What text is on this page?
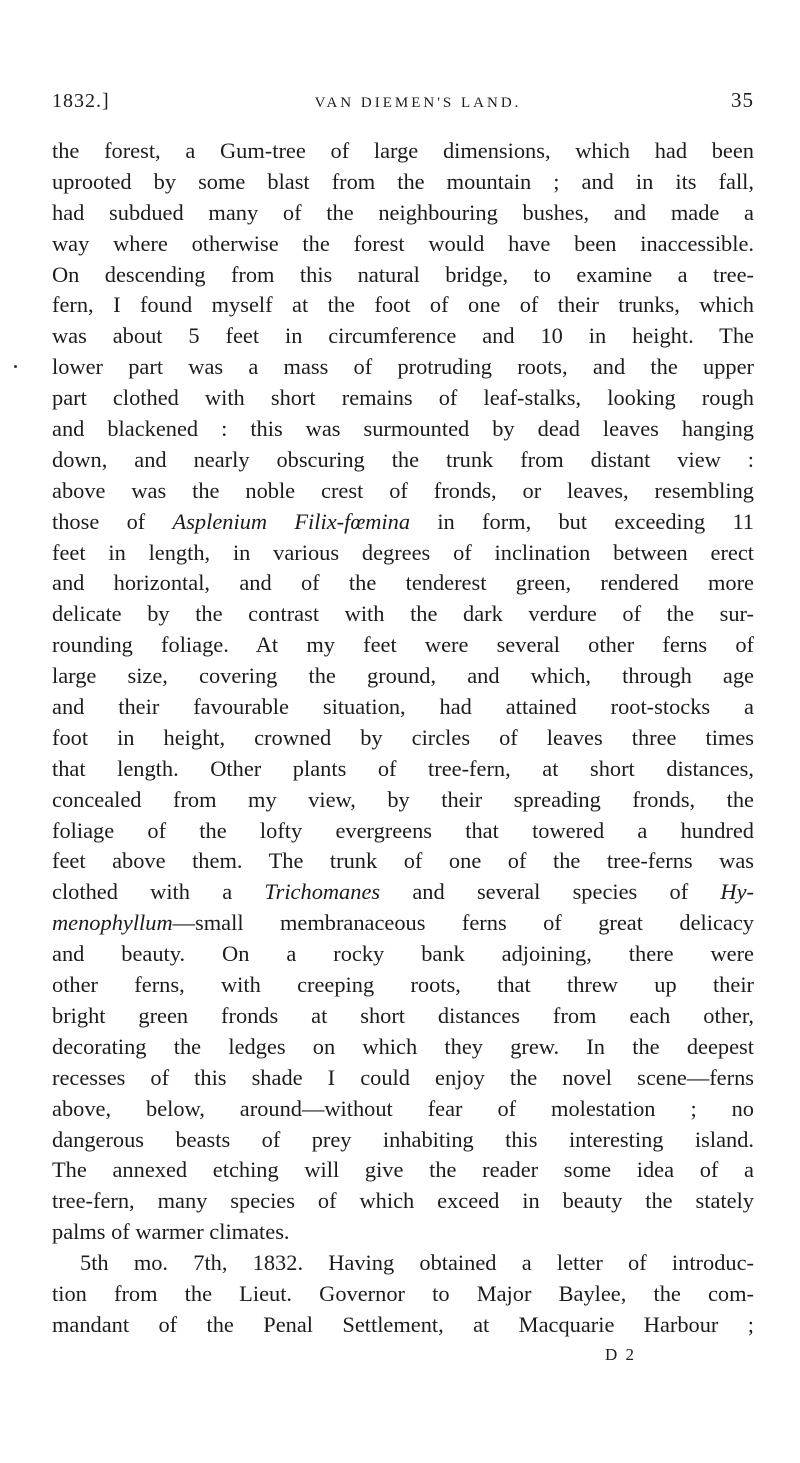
1832.]	VAN DIEMEN'S LAND.	35
the forest, a Gum-tree of large dimensions, which had been
uprooted by some blast from the mountain ; and in its fall,
had subdued many of the neighbouring bushes, and made a
way where otherwise the forest would have been inaccessible.
On descending from this natural bridge, to examine a tree-
fern, I found myself at the foot of one of their trunks, which
was about 5 feet in circumference and 10 in height. The
lower part was a mass of protruding roots, and the upper
part clothed with short remains of leaf-stalks, looking rough
and blackened : this was surmounted by dead leaves hanging
down, and nearly obscuring the trunk from distant view :
above was the noble crest of fronds, or leaves, resembling
those of Asplenium Filix-fœmina in form, but exceeding 11
feet in length, in various degrees of inclination between erect
and horizontal, and of the tenderest green, rendered more
delicate by the contrast with the dark verdure of the sur-
rounding foliage. At my feet were several other ferns of
large size, covering the ground, and which, through age
and their favourable situation, had attained root-stocks a
foot in height, crowned by circles of leaves three times
that length. Other plants of tree-fern, at short distances,
concealed from my view, by their spreading fronds, the
foliage of the lofty evergreens that towered a hundred
feet above them. The trunk of one of the tree-ferns was
clothed with a Trichomanes and several species of Hy-
menophyllum—small membranaceous ferns of great delicacy
and beauty. On a rocky bank adjoining, there were
other ferns, with creeping roots, that threw up their
bright green fronds at short distances from each other,
decorating the ledges on which they grew. In the deepest
recesses of this shade I could enjoy the novel scene—ferns
above, below, around—without fear of molestation ; no
dangerous beasts of prey inhabiting this interesting island.
The annexed etching will give the reader some idea of a
tree-fern, many species of which exceed in beauty the stately
palms of warmer climates.
5th mo. 7th, 1832. Having obtained a letter of introduc-
tion from the Lieut. Governor to Major Baylee, the com-
mandant of the Penal Settlement, at Macquarie Harbour ;
D 2
